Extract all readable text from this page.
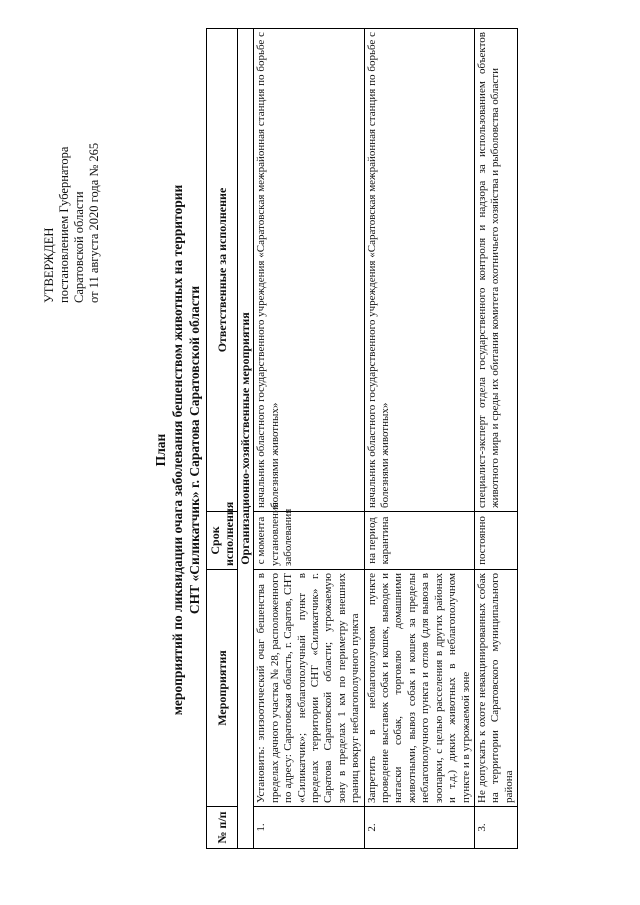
УТВЕРЖДЕН постановлением Губернатора Саратовской области от 11 августа 2020 года № 265
План мероприятий по ликвидации очага заболевания бешенством животных на территории СНТ «Силикатчик» г. Саратова Саратовской области
№ п/п	Мероприятия	Срок исполнения	Ответственные за исполнение
Организационно-хозяйственные мероприятия			
1.	Установить: эпизоотический очаг бешенства в пределах дачного участка № 28, расположенного по адресу: Саратовская область, г. Саратов, СНТ «Силикатчик»; неблагополучный пункт в пределах территории СНТ «Силикатчик» г. Саратова Саратовской области; угрожаемую зону в пределах 1 км по периметру внешних границ вокруг неблагополучного пункта	с момента установления заболевания	начальник областного государственного учреждения «Саратовская межрайонная станция по борьбе с болезнями животных»
2.	Запретить в неблагополучном пункте проведение выставок собак и кошек, выводок и натаски собак, торговлю домашними животными, вывоз собак и кошек за пределы неблагополучного пункта и отлов (для вывоза в зоопарки, с целью расселения в других районах и т.д.) диких животных в неблагополучном пункте и в угрожаемой зоне	на период карантина	начальник областного государственного учреждения «Саратовская межрайонная станция по борьбе с болезнями животных»
3.	Не допускать к охоте невакцинированных собак на территории Саратовского муниципального района	постоянно	специалист-эксперт отдела государственного контроля и надзора за использованием объектов животного мира и среды их обитания комитета охотничьего хозяйства и рыболовства области
